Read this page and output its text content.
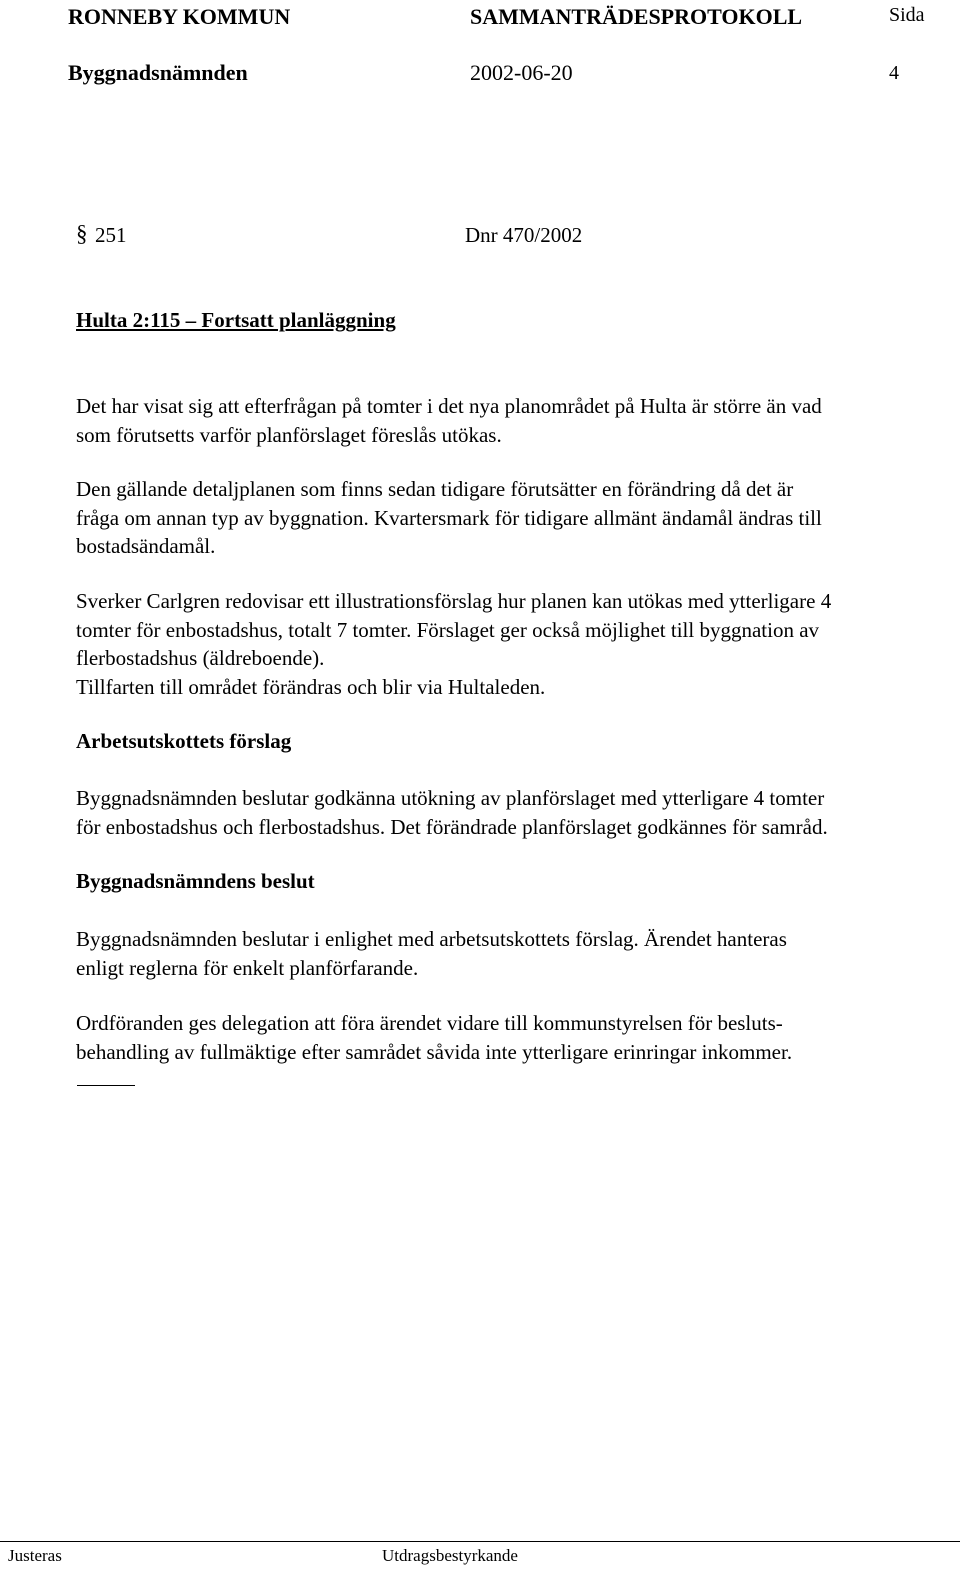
RONNEBY KOMMUN	SAMMANTRÄDESPROTOKOLL	Sida
Byggnadsnämnden	2002-06-20	4
§ 251	Dnr 470/2002
Hulta 2:115 – Fortsatt planläggning
Det har visat sig att efterfrågan på tomter i det nya planområdet på Hulta är större än vad
som förutsetts varför planförslaget föreslås utökas.
Den gällande detaljplanen som finns sedan tidigare förutsätter en förändring då det är
fråga om annan typ av byggnation. Kvartersmark för tidigare allmänt ändamål ändras till
bostadsändamål.
Sverker Carlgren redovisar ett illustrationsförslag hur planen kan utökas med ytterligare 4
tomter för enbostadshus, totalt 7 tomter. Förslaget ger också möjlighet till byggnation av
flerbostadshus (äldreboende).
Tillfarten till området förändras och blir via Hultaleden.
Arbetsutskottets förslag
Byggnadsnämnden beslutar godkänna utökning av planförslaget med ytterligare 4 tomter
för enbostadshus och flerbostadshus. Det förändrade planförslaget godkännes för samråd.
Byggnadsnämndens beslut
Byggnadsnämnden beslutar i enlighet med arbetsutskottets förslag. Ärendet hanteras
enligt reglerna för enkelt planförfarande.
Ordföranden ges delegation att föra ärendet vidare till kommunstyrelsen för besluts-
behandling av fullmäktige efter samrådet såvida inte ytterligare erinringar inkommer.
Justeras	Utdragsbestyrkande
